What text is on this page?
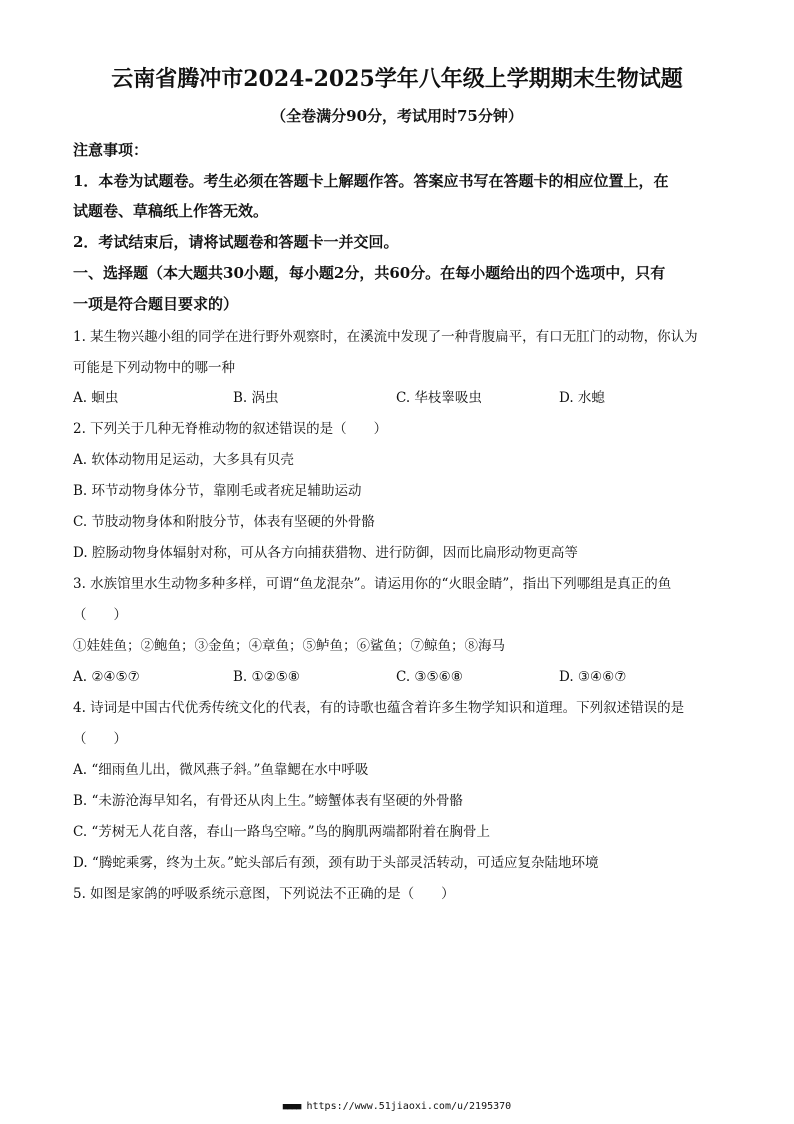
云南省腾冲市2024-2025学年八年级上学期期末生物试题
（全卷满分90分，考试用时75分钟）
注意事项：
1．本卷为试题卷。考生必须在答题卡上解题作答。答案应书写在答题卡的相应位置上，在
试题卷、草稿纸上作答无效。
2．考试结束后，请将试题卷和答题卡一并交回。
一、选择题（本大题共30小题，每小题2分，共60分。在每小题给出的四个选项中，只有
一项是符合题目要求的）
1. 某生物兴趣小组的同学在进行野外观察时，在溪流中发现了一种背腹扁平，有口无肛门的动物，你认为
可能是下列动物中的哪一种
A. 蛔虫	B. 涡虫	C. 华枝睾吸虫	D. 水螅
2. 下列关于几种无脊椎动物的叙述错误的是（　　）
A. 软体动物用足运动，大多具有贝壳
B. 环节动物身体分节，靠刚毛或者疣足辅助运动
C. 节肢动物身体和附肢分节，体表有坚硬的外骨骼
D. 腔肠动物身体辐射对称，可从各方向捕获猎物、进行防御，因而比扁形动物更高等
3. 水族馆里水生动物多种多样，可谓“鱼龙混杂”。请运用你的“火眼金睛”，指出下列哪组是真正的鱼
（　　）
①娃娃鱼；②鲍鱼；③金鱼；④章鱼；⑤鲈鱼；⑥鲨鱼；⑦鲸鱼；⑧海马
A. ②④⑤⑦	B. ①②⑤⑧	C. ③⑤⑥⑧	D. ③④⑥⑦
4. 诗词是中国古代优秀传统文化的代表，有的诗歌也蕴含着许多生物学知识和道理。下列叙述错误的是
（　　）
A. “细雨鱼儿出，微风燕子斜。”鱼靠鳃在水中呼吸
B. “未游沧海早知名，有骨还从肉上生。”螃蟹体表有坚硬的外骨骼
C. “芳树无人花自落，春山一路鸟空啼。”鸟的胸肌两端都附着在胸骨上
D. “腾蛇乘雾，终为土灰。”蛇头部后有颈，颈有助于头部灵活转动，可适应复杂陆地环境
5. 如图是家鸽的呼吸系统示意图，下列说法不正确的是（　　）
■■■■ https://www.51jiaoxi.com/u/2195370
